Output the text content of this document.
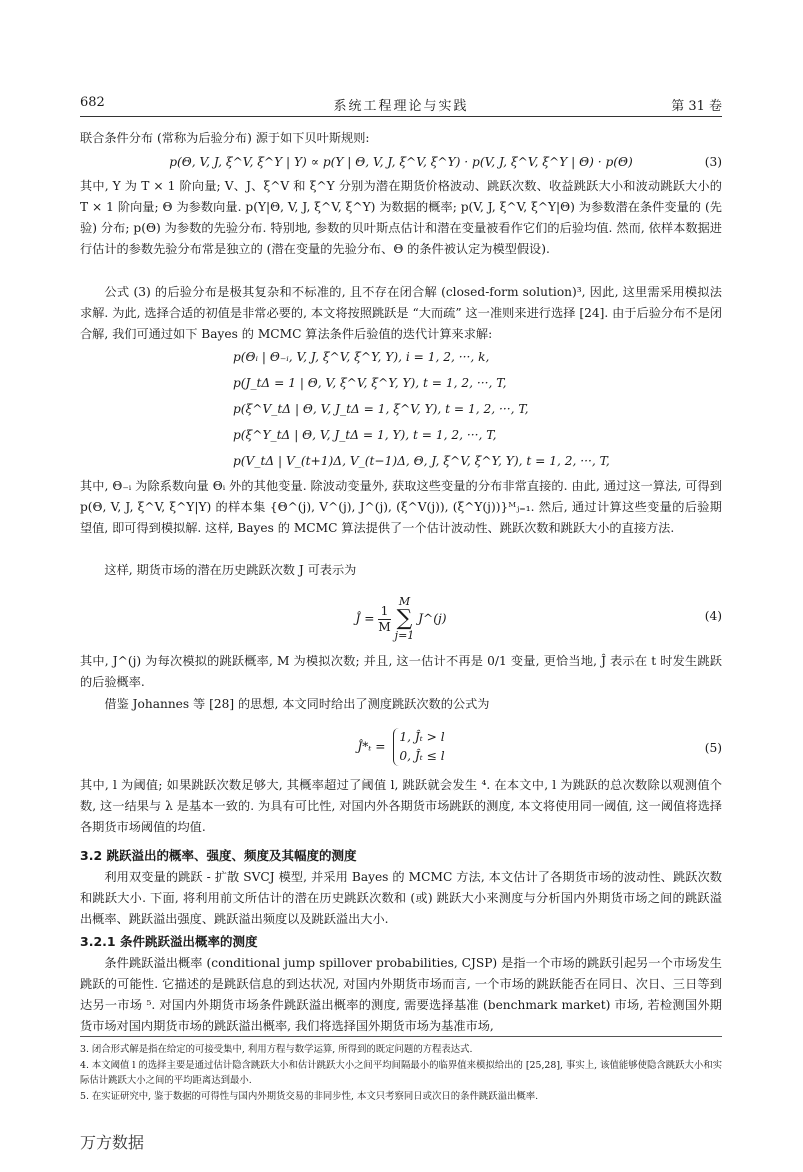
682	系统工程理论与实践	第 31 卷

联合条件分布 (常称为后验分布) 源于如下贝叶斯规则:

p(Θ, V, J, ξ^V, ξ^Y | Y) ∝ p(Y | Θ, V, J, ξ^V, ξ^Y) · p(V, J, ξ^V, ξ^Y | Θ) · p(Θ)	(3)

其中, Y 为 T × 1 阶向量; V、J、ξ^V 和 ξ^Y 分别为潜在期货价格波动、跳跃次数、收益跳跃大小和波动跳跃大小的 T × 1 阶向量; Θ 为参数向量. p(Y|Θ, V, J, ξ^V, ξ^Y) 为数据的概率; p(V, J, ξ^V, ξ^Y|Θ) 为参数潜在条件变量的 (先验) 分布; p(Θ) 为参数的先验分布. 特别地, 参数的贝叶斯点估计和潜在变量被看作它们的后验均值. 然而, 依样本数据进行估计的参数先验分布常是独立的 (潜在变量的先验分布、Θ 的条件被认定为模型假设).

公式 (3) 的后验分布是极其复杂和不标准的, 且不存在闭合解 (closed-form solution)³, 因此, 这里需采用模拟法求解. 为此, 选择合适的初值是非常必要的, 本文将按照跳跃是 “大而疏” 这一准则来进行选择 [24]. 由于后验分布不是闭合解, 我们可通过如下 Bayes 的 MCMC 算法条件后验值的迭代计算来求解:

p(Θᵢ | Θ₋ᵢ, V, J, ξ^V, ξ^Y, Y), i = 1, 2, ···, k,
p(J_tΔ = 1 | Θ, V, ξ^V, ξ^Y, Y), t = 1, 2, ···, T,
p(ξ^V_tΔ | Θ, V, J_tΔ = 1, ξ^V, Y), t = 1, 2, ···, T,
p(ξ^Y_tΔ | Θ, V, J_tΔ = 1, Y), t = 1, 2, ···, T,
p(V_tΔ | V_(t+1)Δ, V_(t−1)Δ, Θ, J, ξ^V, ξ^Y, Y), t = 1, 2, ···, T,

其中, Θ₋ᵢ 为除系数向量 Θᵢ 外的其他变量. 除波动变量外, 获取这些变量的分布非常直接的. 由此, 通过这一算法, 可得到 p(Θ, V, J, ξ^V, ξ^Y|Y) 的样本集 {Θ^(j), V^(j), J^(j), (ξ^V(j)), (ξ^Y(j))}ᴹⱼ₌₁. 然后, 通过计算这些变量的后验期望值, 即可得到模拟解. 这样, Bayes 的 MCMC 算法提供了一个估计波动性、跳跃次数和跳跃大小的直接方法.

这样, 期货市场的潜在历史跳跃次数 J 可表示为

Ĵ = $\frac{1}{M}$

M
∑
j=1
J^(j)	(4)

其中, J^(j) 为每次模拟的跳跃概率, M 为模拟次数; 并且, 这一估计不再是 0/1 变量, 更恰当地, Ĵ 表示在 t 时发生跳跃的后验概率.

借鉴 Johannes 等 [28] 的思想, 本文同时给出了测度跳跃次数的公式为

Ĵ*ₜ =
1, Ĵₜ > l
0, Ĵₜ ≤ l
(5)

其中, l 为阈值; 如果跳跃次数足够大, 其概率超过了阈值 l, 跳跃就会发生 ⁴. 在本文中, l 为跳跃的总次数除以观测值个数, 这一结果与 λ 是基本一致的. 为具有可比性, 对国内外各期货市场跳跃的测度, 本文将使用同一阈值, 这一阈值将选择各期货市场阈值的均值.

3.2 跳跃溢出的概率、强度、频度及其幅度的测度

利用双变量的跳跃 - 扩散 SVCJ 模型, 并采用 Bayes 的 MCMC 方法, 本文估计了各期货市场的波动性、跳跃次数和跳跃大小. 下面, 将利用前文所估计的潜在历史跳跃次数和 (或) 跳跃大小来测度与分析国内外期货市场之间的跳跃溢出概率、跳跃溢出强度、跳跃溢出频度以及跳跃溢出大小.

3.2.1 条件跳跃溢出概率的测度

条件跳跃溢出概率 (conditional jump spillover probabilities, CJSP) 是指一个市场的跳跃引起另一个市场发生跳跃的可能性. 它描述的是跳跃信息的到达状况, 对国内外期货市场而言, 一个市场的跳跃能否在同日、次日、三日等到达另一市场 ⁵. 对国内外期货市场条件跳跃溢出概率的测度, 需要选择基准 (benchmark market) 市场, 若检测国外期货市场对国内期货市场的跳跃溢出概率, 我们将选择国外期货市场为基准市场,

3. 闭合形式解是指在给定的可接受集中, 利用方程与数学运算, 所得到的既定问题的方程表达式.

4. 本文阈值 l 的选择主要是通过估计隐含跳跃大小和估计跳跃大小之间平均间隔最小的临界值来模拟给出的 [25,28], 事实上, 该值能够使隐含跳跃大小和实际估计跳跃大小之间的平均距离达到最小.

5. 在实证研究中, 鉴于数据的可得性与国内外期货交易的非同步性, 本文只考察同日或次日的条件跳跃溢出概率.

万方数据
